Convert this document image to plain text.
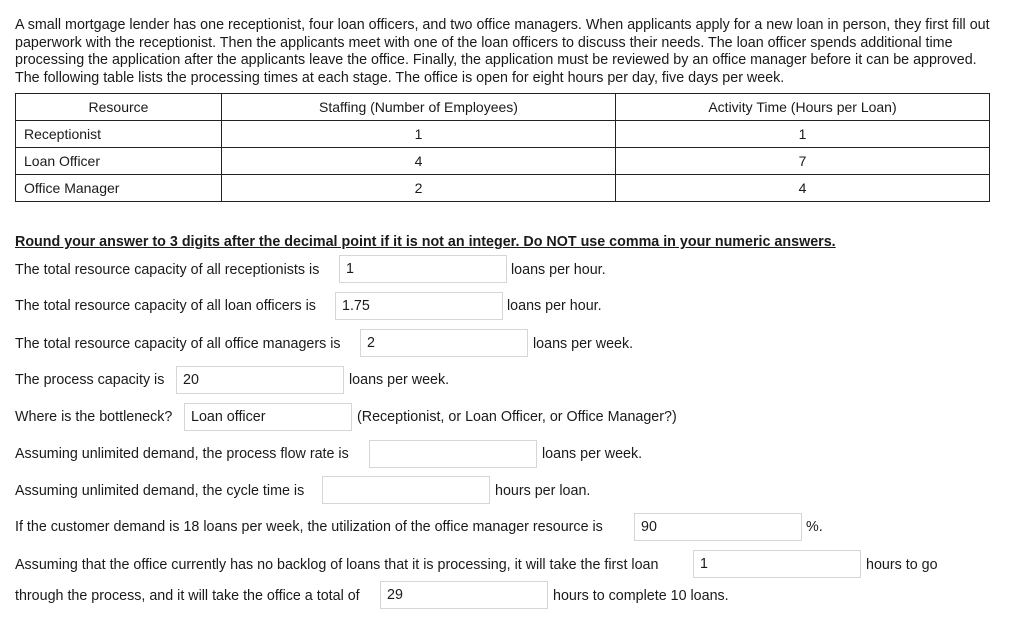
A small mortgage lender has one receptionist, four loan officers, and two office managers. When applicants apply for a new loan in person, they first fill out paperwork with the receptionist. Then the applicants meet with one of the loan officers to discuss their needs. The loan officer spends additional time processing the application after the applicants leave the office. Finally, the application must be reviewed by an office manager before it can be approved. The following table lists the processing times at each stage. The office is open for eight hours per day, five days per week.

Resource	Staffing (Number of Employees)	Activity Time (Hours per Loan)
Receptionist	1	1
Loan Officer	4	7
Office Manager	2	4

Round your answer to 3 digits after the decimal point if it is not an integer. Do NOT use comma in your numeric answers.

The total resource capacity of all receptionists is	1	loans per hour.
The total resource capacity of all loan officers is	1.75	loans per hour.
The total resource capacity of all office managers is	2	loans per week.
The process capacity is	20	loans per week.
Where is the bottleneck?	Loan officer	(Receptionist, or Loan Officer, or Office Manager?)
Assuming unlimited demand, the process flow rate is	loans per week.
Assuming unlimited demand, the cycle time is	hours per loan.
If the customer demand is 18 loans per week, the utilization of the office manager resource is	90	%.
Assuming that the office currently has no backlog of loans that it is processing, it will take the first loan	1	hours to go
through the process, and it will take the office a total of	29	hours to complete 10 loans.
